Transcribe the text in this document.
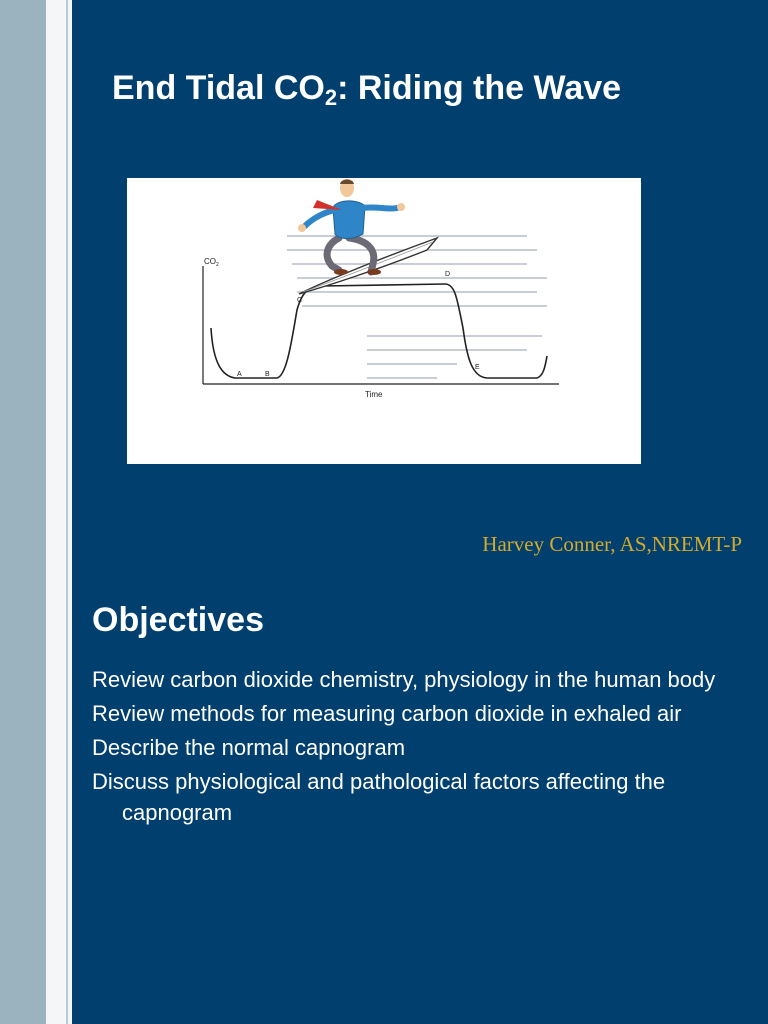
End Tidal $CO_2$: Riding the Wave
$CO_2$
Time
A	B
C
D
E
Harvey Conner, AS,NREMT-P
Objectives
Review carbon dioxide chemistry, physiology in the human body
Review methods for measuring carbon dioxide in exhaled air
Describe the normal capnogram
Discuss physiological and pathological factors affecting the capnogram
